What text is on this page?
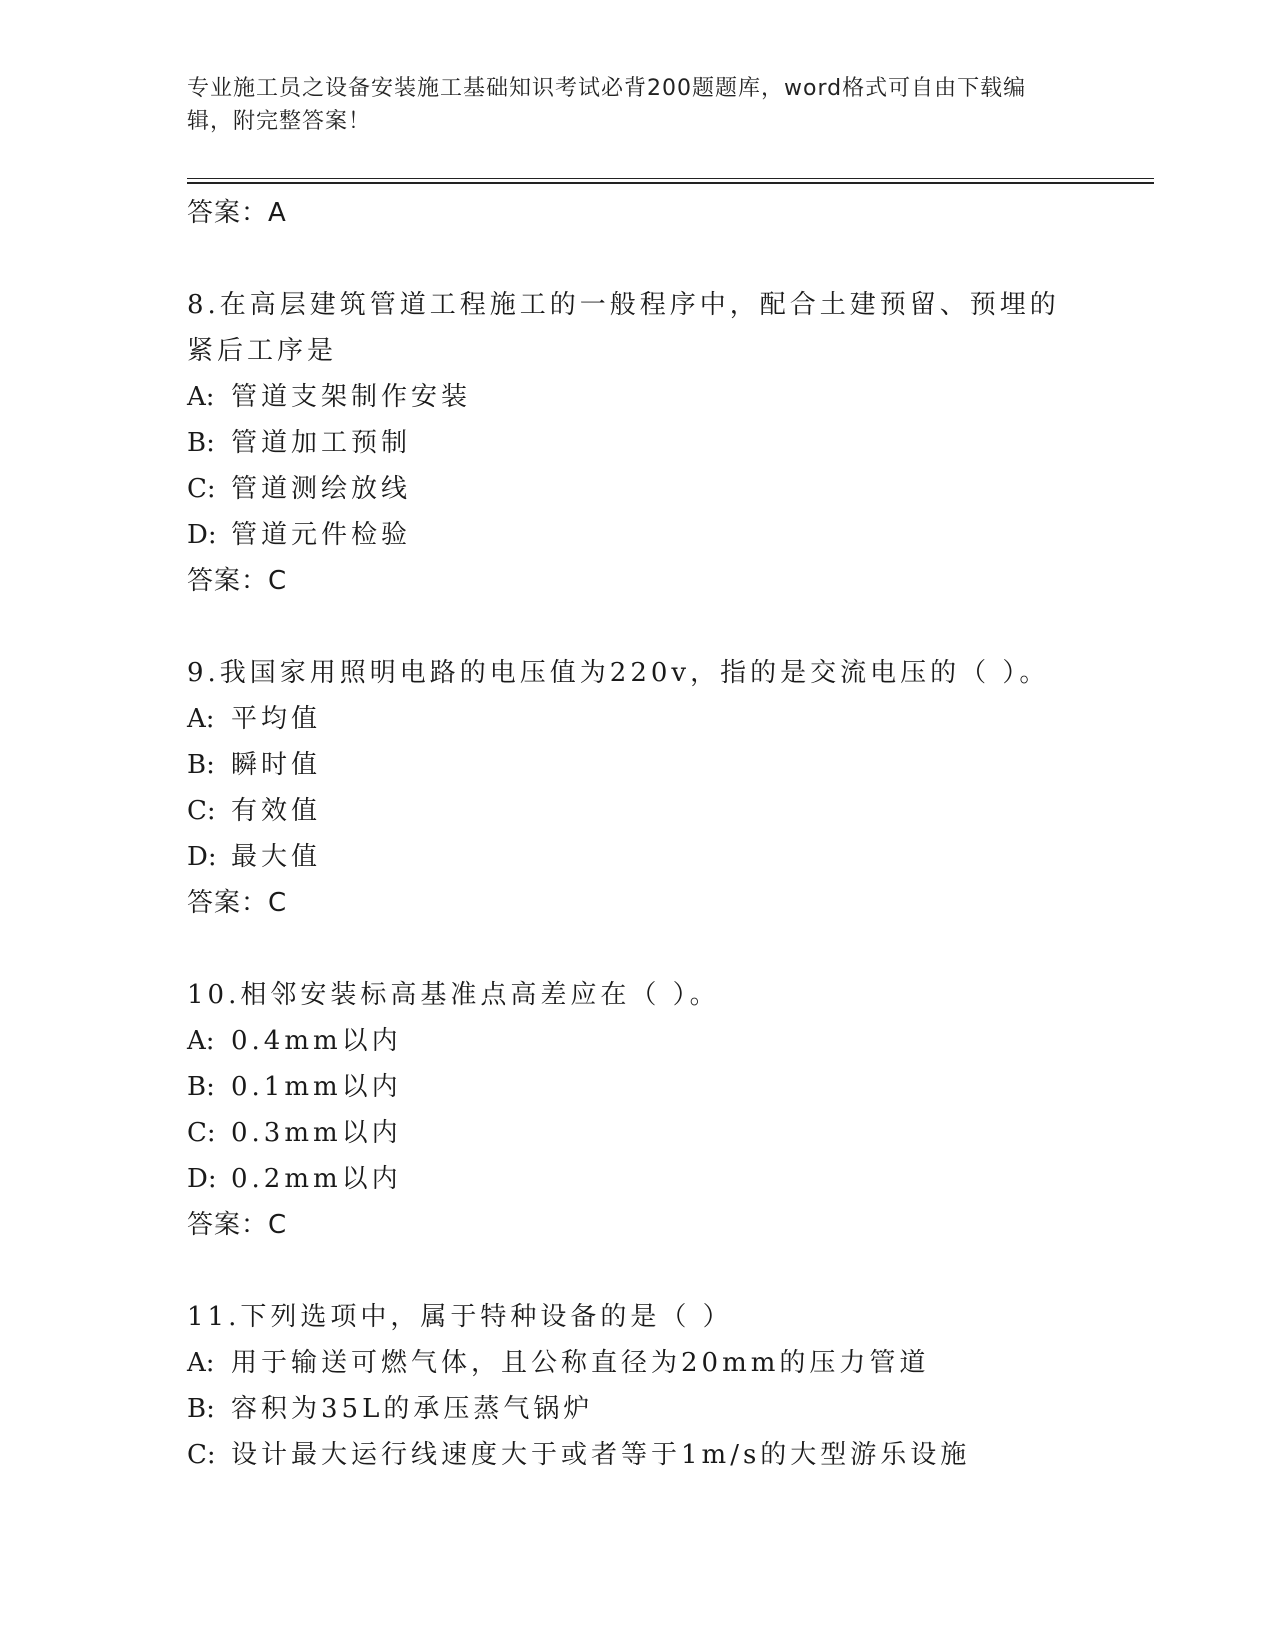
专业施工员之设备安装施工基础知识考试必背200题题库，word格式可自由下载编辑，附完整答案！
答案：A
8.在高层建筑管道工程施工的一般程序中，配合土建预留、预埋的紧后工序是
A: 管道支架制作安装
B: 管道加工预制
C: 管道测绘放线
D: 管道元件检验
答案：C
9.我国家用照明电路的电压值为220v，指的是交流电压的（ ）。
A: 平均值
B: 瞬时值
C: 有效值
D: 最大值
答案：C
10.相邻安装标高基准点高差应在（ ）。
A: 0.4mm以内
B: 0.1mm以内
C: 0.3mm以内
D: 0.2mm以内
答案：C
11.下列选项中，属于特种设备的是（ ）
A: 用于输送可燃气体，且公称直径为20mm的压力管道
B: 容积为35L的承压蒸气锅炉
C: 设计最大运行线速度大于或者等于1m/s的大型游乐设施
